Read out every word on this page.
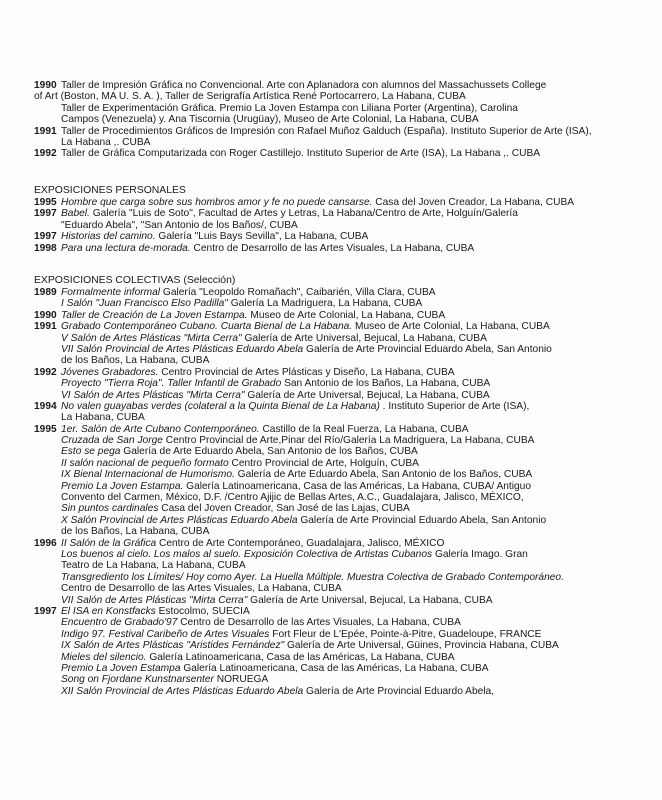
1990 Taller de Impresión Gráfica no Convencional. Arte con Aplanadora con alumnos del Massachussets College
of Art (Boston, MA U. S. A. ), Taller de Serigrafía Artística René Portocarrero, La Habana, CUBA
Taller de Experimentación Gráfica. Premio La Joven Estampa con Liliana Porter (Argentina), Carolina
Campos (Venezuela) y. Ana Tiscornia (Urugüay), Museo de Arte Colonial, La Habana, CUBA
1991 Taller de Procedimientos Gráficos de Impresión con Rafael Muñoz Galduch (España). Instituto Superior de Arte (ISA),
La Habana ,. CUBA
1992 Taller de Gráfica Computarizada con Roger Castillejo. Instituto Superior de Arte (ISA), La Habana ,. CUBA
EXPOSICIONES PERSONALES
1995 Hombre que carga sobre sus hombros amor y fe no puede cansarse. Casa del Joven Creador, La Habana, CUBA
1997 Babel. Galería "Luis de Soto", Facultad de Artes y Letras, La Habana/Centro de Arte, Holguín/Galería
"Eduardo Abela", "San Antonio de los Baños/, CUBA
1997 Historias del camino. Galería "Luis Bays Sevilla", La Habana, CUBA
1998 Para una lectura de-morada. Centro de Desarrollo de las Artes Visuales, La Habana, CUBA
EXPOSICIONES COLECTIVAS (Selección)
1989 Formalmente informal Galería "Leopoldo Romañach", Caibarién, Villa Clara, CUBA
I Salón "Juan Francisco Elso Padilla" Galería La Madriguera, La Habana, CUBA
1990 Taller de Creación de La Joven Estampa. Museo de Arte Colonial, La Habana, CUBA
1991 Grabado Contemporáneo Cubano. Cuarta Bienal de La Habana. Museo de Arte Colonial, La Habana, CUBA
V Salón de Artes Plásticas "Mirta Cerra" Galería de Arte Universal, Bejucal, La Habana, CUBA
VII Salón Provincial de Artes Plásticas Eduardo Abela Galería de Arte Provincial Eduardo Abela, San Antonio
de los Baños, La Habana, CUBA
1992 Jóvenes Grabadores. Centro Provincial de Artes Plásticas y Diseño, La Habana, CUBA
Proyecto "Tierra Roja". Taller Infantil de Grabado San Antonio de los Baños, La Habana, CUBA
VI Salón de Artes Plásticas "Mirta Cerra" Galería de Arte Universal, Bejucal, La Habana, CUBA
1994 No valen guayabas verdes (colateral a la Quinta Bienal de La Habana) . Instituto Superior de Arte (ISA),
La Habana, CUBA
1995 1er. Salón de Arte Cubano Contemporáneo. Castillo de la Real Fuerza, La Habana, CUBA
Cruzada de San Jorge Centro Provincial de Arte,Pinar del Río/Galería La Madriguera, La Habana, CUBA
Esto se pega Galería de Arte Eduardo Abela, San Antonio de los Baños, CUBA
II salón nacional de pequeño formato Centro Provincial de Arte, Holguín, CUBA
IX Bienal Internacional de Humorismo. Galería de Arte Eduardo Abela, San Antonio de los Baños, CUBA
Premio La Joven Estampa. Galería Latinoamericana, Casa de las Américas, La Habana, CUBA/ Antiguo
Convento del Carmen, México, D.F. /Centro Ajijic de Bellas Artes, A.C., Guadalajara, Jalisco, MÉXICO,
Sin puntos cardinales Casa del Joven Creador, San José de las Lajas, CUBA
X Salón Provincial de Artes Plásticas Eduardo Abela Galería de Arte Provincial Eduardo Abela, San Antonio
de los Baños, La Habana, CUBA
1996 II Salón de la Gráfica Centro de Arte Contemporáneo, Guadalajara, Jalisco, MÉXICO
Los buenos al cielo. Los malos al suelo. Exposición Colectiva de Artistas Cubanos Galería Imago. Gran
Teatro de La Habana, La Habana, CUBA
Transgrediento los Límites/ Hoy como Ayer. La Huella Múltiple. Muestra Colectiva de Grabado Contemporáneo.
Centro de Desarrollo de las Artes Visuales, La Habana, CUBA
VII Salón de Artes Plásticas "Mirta Cerra" Galería de Arte Universal, Bejucal, La Habana, CUBA
1997 El ISA en Konstfacks Estocolmo, SUECIA
Encuentro de Grabado'97 Centro de Desarrollo de las Artes Visuales, La Habana, CUBA
Indigo 97. Festival Caribeño de Artes Visuales Fort Fleur de L'Epée, Pointe-à-Pitre, Guadeloupe, FRANCE
IX Salón de Artes Plásticas "Aristides Fernández" Galería de Arte Universal, Güines, Provincia Habana, CUBA
Mieles del silencio. Galería Latinoamericana, Casa de las Américas, La Habana, CUBA
Premio La Joven Estampa Galería Latinoamericana, Casa de las Américas, La Habana, CUBA
Song on Fjordane Kunstnarsenter NORUEGA
XII Salón Provincial de Artes Plásticas Eduardo Abela Galería de Arte Provincial Eduardo Abela,
